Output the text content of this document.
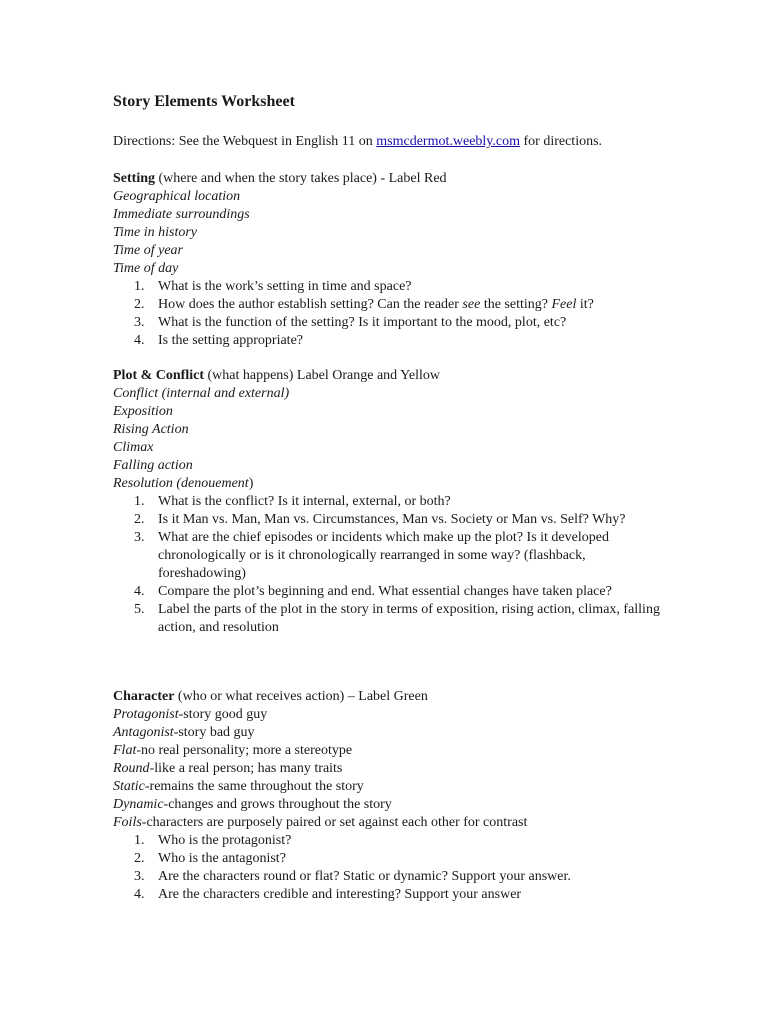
Story Elements Worksheet
Directions: See the Webquest in English 11 on msmcdermot.weebly.com for directions.
Setting (where and when the story takes place) - Label Red
Geographical location
Immediate surroundings
Time in history
Time of year
Time of day
1. What is the work’s setting in time and space?
2. How does the author establish setting? Can the reader see the setting? Feel it?
3. What is the function of the setting? Is it important to the mood, plot, etc?
4. Is the setting appropriate?
Plot & Conflict (what happens) Label Orange and Yellow
Conflict (internal and external)
Exposition
Rising Action
Climax
Falling action
Resolution (denouement)
1. What is the conflict? Is it internal, external, or both?
2. Is it Man vs. Man, Man vs. Circumstances, Man vs. Society or Man vs. Self? Why?
3. What are the chief episodes or incidents which make up the plot? Is it developed chronologically or is it chronologically rearranged in some way? (flashback, foreshadowing)
4. Compare the plot’s beginning and end. What essential changes have taken place?
5. Label the parts of the plot in the story in terms of exposition, rising action, climax, falling action, and resolution
Character (who or what receives action) – Label Green
Protagonist-story good guy
Antagonist-story bad guy
Flat-no real personality; more a stereotype
Round-like a real person; has many traits
Static-remains the same throughout the story
Dynamic-changes and grows throughout the story
Foils-characters are purposely paired or set against each other for contrast
1. Who is the protagonist?
2. Who is the antagonist?
3. Are the characters round or flat? Static or dynamic? Support your answer.
4. Are the characters credible and interesting? Support your answer
